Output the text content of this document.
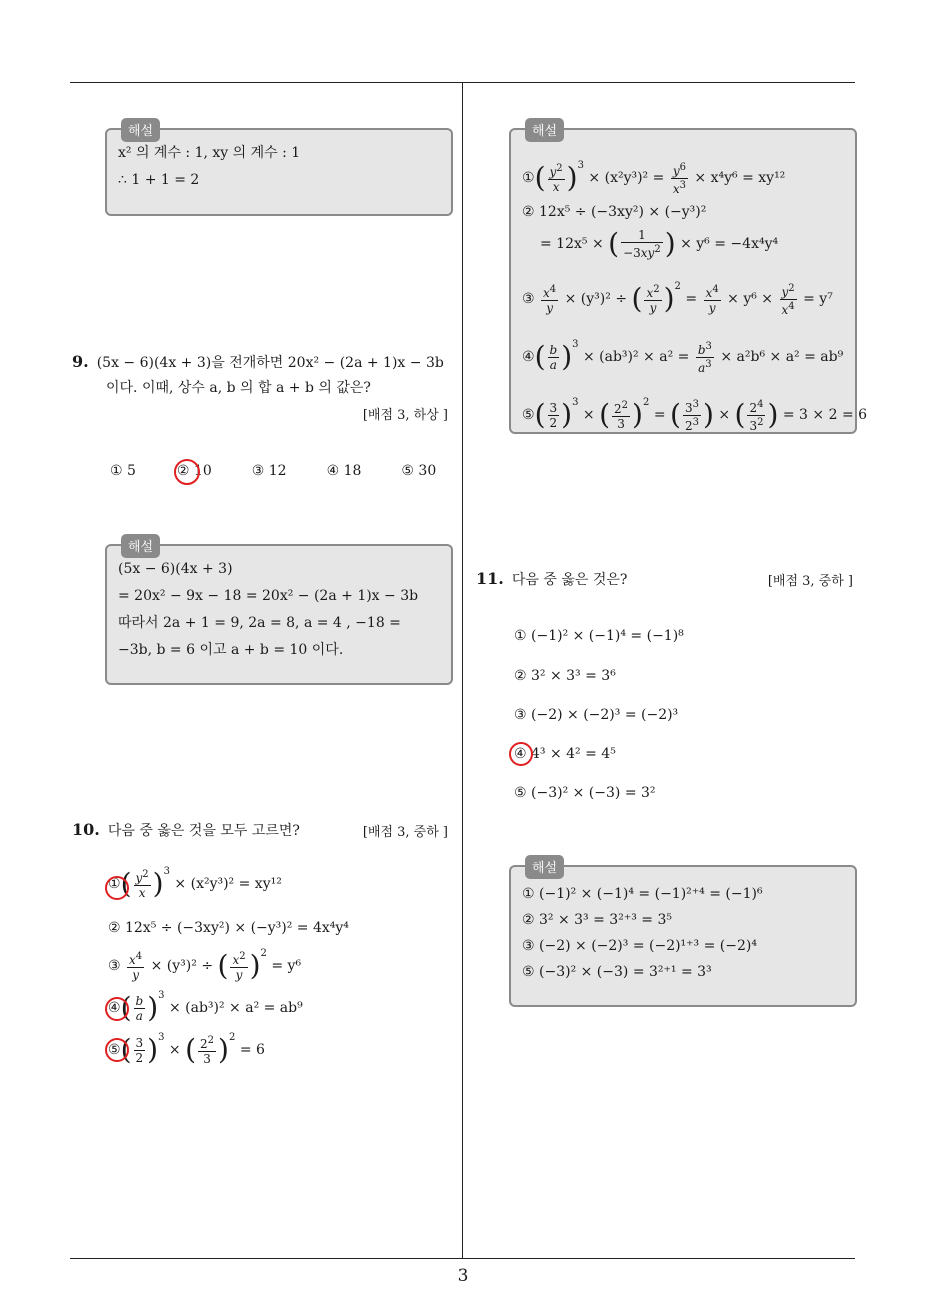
해설
x² 의 계수 : 1, xy 의 계수 : 1
∴ 1 + 1 = 2
9. (5x − 6)(4x + 3)을 전개하면 20x² − (2a + 1)x − 3b
이다. 이때, 상수 a, b 의 합 a + b 의 값은?
[배점 3, 하상 ]
① 5	② 10	③ 12	④ 18	⑤ 30
해설
(5x − 6)(4x + 3)
= 20x² − 9x − 18 = 20x² − (2a + 1)x − 3b
따라서 2a + 1 = 9, 2a = 8, a = 4 , −18 =
−3b, b = 6 이고 a + b = 10 이다.
10. 다음 중 옳은 것을 모두 고르면?	[배점 3, 중하 ]
①( $\frac{y^2}{x} )^3 \times (x^2y^3)^2 = xy^{12}$
② 12x⁵ ÷ (−3xy²) × (−y³)² = 4x⁴y⁴
③ $\frac{x^4}{y} \times (y^3)^2$ ÷ ( $\frac{x^2}{y} )^2 = y^6$
④( $\frac{b}{a} )^3 \times (ab^3)^2 \times a^2 = ab^9$
⑤( $\frac{3}{2} )^3$ × ( $\frac{2^2}{3} )^2 = 6$
해설
①( $\frac{y^2}{x} )^3 \times (x^2y^3)^2 = \frac{y^6}{x^3} \times x^4y^6 = xy^{12}$
② 12x⁵ ÷ (−3xy²) × (−y³)²
= 12x⁵ × ( $\frac{1}{-3xy^2}$ ) × y⁶ = −4x⁴y⁴
③ $\frac{x^4}{y} \times (y^3)^2$ ÷ ( $\frac{x^2}{y} )^2 = \frac{x^4}{y} \times y^6 \times \frac{y^2}{x^4} = y^7$
④( $\frac{b}{a} )^3 \times (ab^3)^2 \times a^2 = \frac{b^3}{a^3} \times a^2b^6 \times a^2 = ab^9$
⑤( $\frac{3}{2} )^3$ × ( $\frac{2^2}{3} )^2$ = ( $\frac{3^3}{2^3}$ ) × ( $\frac{2^4}{3^2}$ ) = 3 × 2 = 6
11. 다음 중 옳은 것은?	[배점 3, 중하 ]
① (−1)² × (−1)⁴ = (−1)⁸
② 3² × 3³ = 3⁶
③ (−2) × (−2)³ = (−2)³
④ 4³ × 4² = 4⁵
⑤ (−3)² × (−3) = 3²
해설
① (−1)² × (−1)⁴ = (−1)²⁺⁴ = (−1)⁶
② 3² × 3³ = 3²⁺³ = 3⁵
③ (−2) × (−2)³ = (−2)¹⁺³ = (−2)⁴
⑤ (−3)² × (−3) = 3²⁺¹ = 3³
3
